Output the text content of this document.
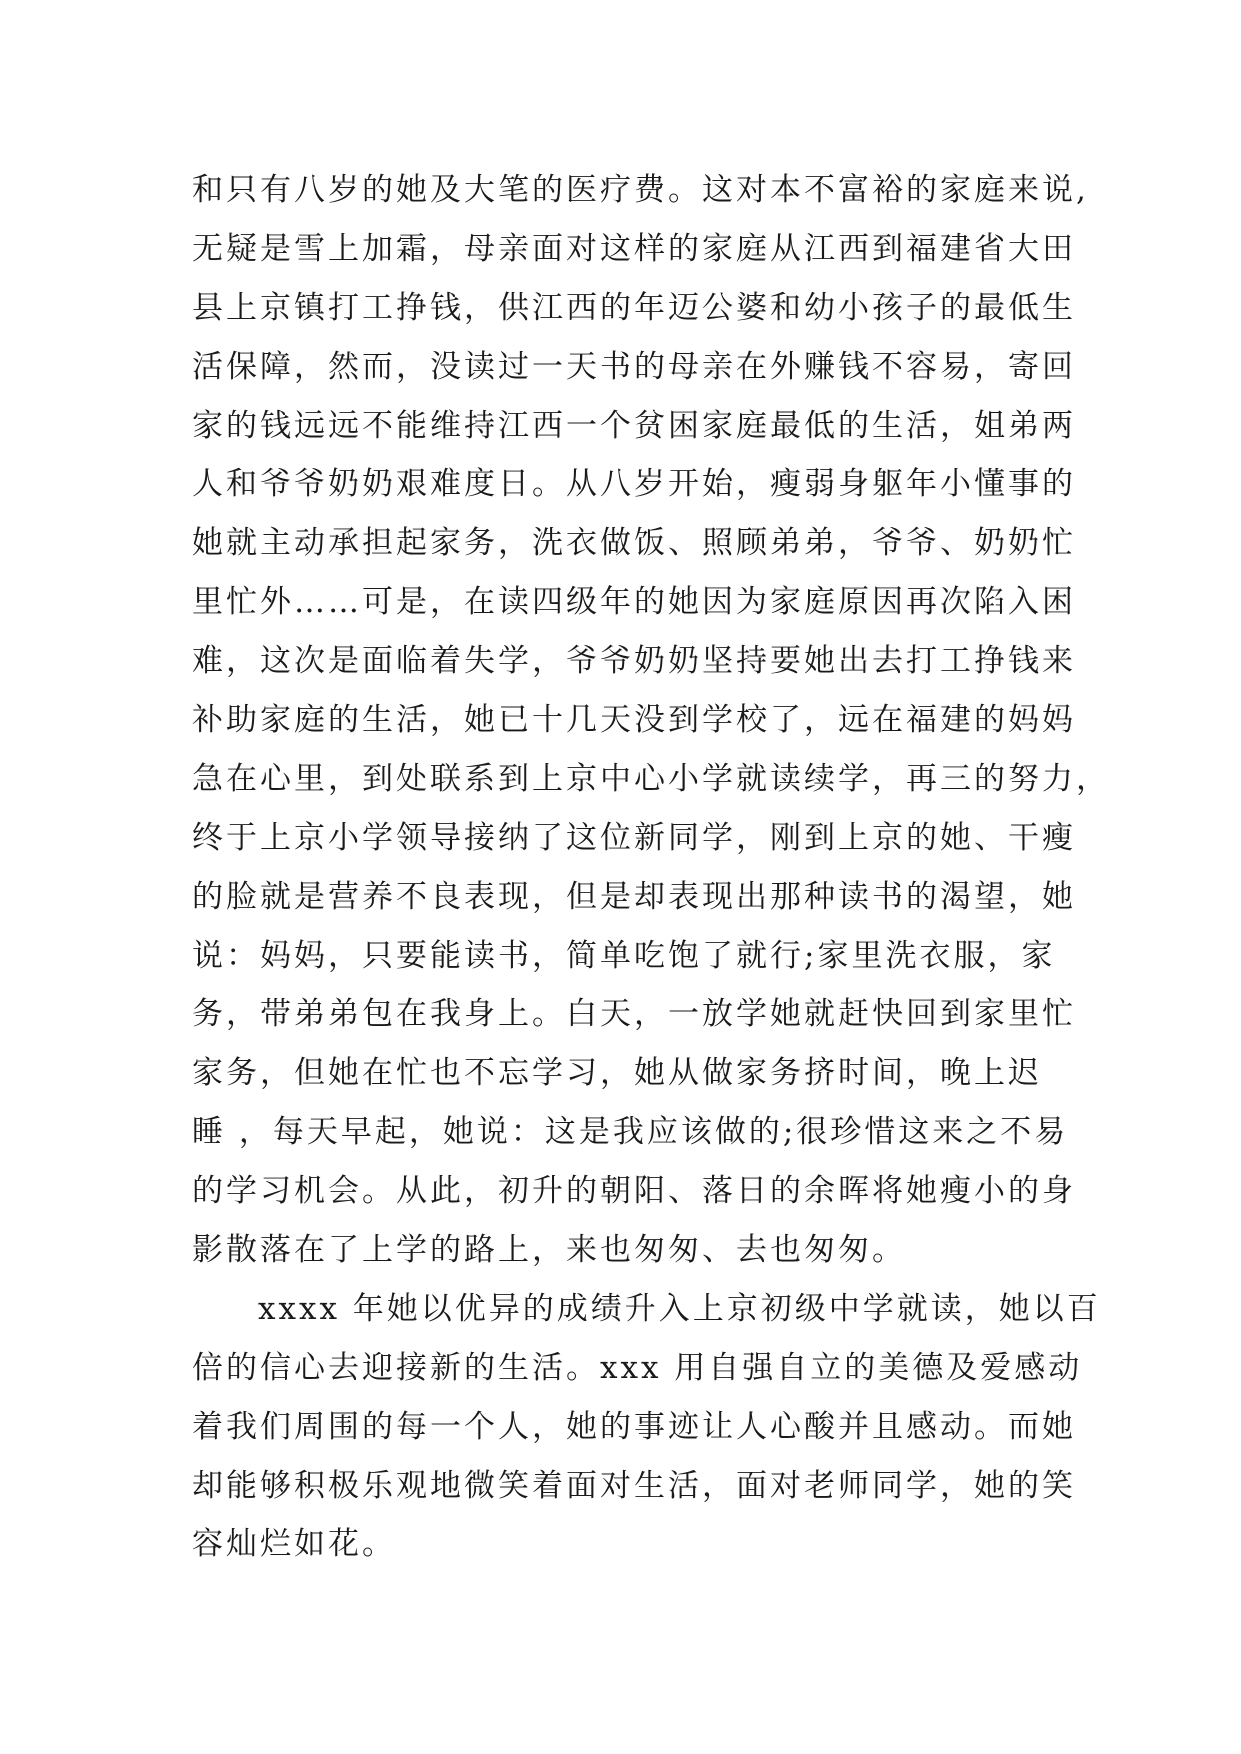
和只有八岁的她及大笔的医疗费。这对本不富裕的家庭来说,
无疑是雪上加霜，母亲面对这样的家庭从江西到福建省大田
县上京镇打工挣钱，供江西的年迈公婆和幼小孩子的最低生
活保障，然而，没读过一天书的母亲在外赚钱不容易，寄回
家的钱远远不能维持江西一个贫困家庭最低的生活，姐弟两
人和爷爷奶奶艰难度日。从八岁开始，瘦弱身躯年小懂事的
她就主动承担起家务，洗衣做饭、照顾弟弟，爷爷、奶奶忙
里忙外……可是，在读四级年的她因为家庭原因再次陷入困
难，这次是面临着失学，爷爷奶奶坚持要她出去打工挣钱来
补助家庭的生活，她已十几天没到学校了，远在福建的妈妈
急在心里，到处联系到上京中心小学就读续学，再三的努力，
终于上京小学领导接纳了这位新同学，刚到上京的她、干瘦
的脸就是营养不良表现，但是却表现出那种读书的渴望，她
说：妈妈，只要能读书，简单吃饱了就行;家里洗衣服，家
务，带弟弟包在我身上。白天，一放学她就赶快回到家里忙
家务，但她在忙也不忘学习，她从做家务挤时间，晚上迟
睡 ，每天早起，她说：这是我应该做的;很珍惜这来之不易
的学习机会。从此，初升的朝阳、落日的余晖将她瘦小的身
影散落在了上学的路上，来也匆匆、去也匆匆。
xxxx 年她以优异的成绩升入上京初级中学就读，她以百
倍的信心去迎接新的生活。xxx 用自强自立的美德及爱感动
着我们周围的每一个人，她的事迹让人心酸并且感动。而她
却能够积极乐观地微笑着面对生活，面对老师同学，她的笑
容灿烂如花。
